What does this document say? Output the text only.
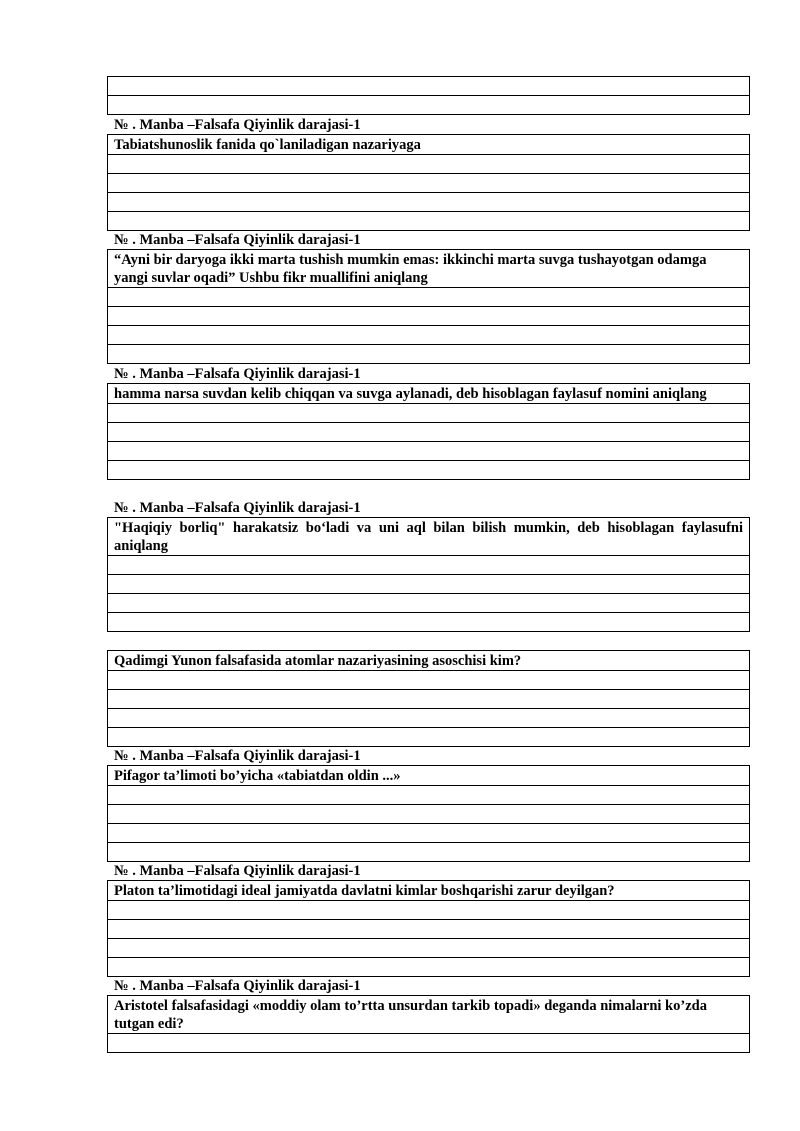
№ . Manba –Falsafa Qiyinlik darajasi-1
Tabiatshunoslik fanida qo`laniladigan nazariyaga

№ . Manba –Falsafa Qiyinlik darajasi-1
“Ayni bir daryoga ikki marta tushish mumkin emas: ikkinchi marta suvga tushayotgan odamga yangi suvlar oqadi” Ushbu fikr muallifini aniqlang

№ . Manba –Falsafa Qiyinlik darajasi-1
hamma narsa suvdan kelib chiqqan va suvga aylanadi, deb hisoblagan faylasuf nomini aniqlang

№ . Manba –Falsafa Qiyinlik darajasi-1
"Haqiqiy borliq" harakatsiz bo‘ladi va uni aql bilan bilish mumkin, deb hisoblagan faylasufni aniqlang

Qadimgi Yunon falsafasida atomlar nazariyasining asoschisi kim?

№ . Manba –Falsafa Qiyinlik darajasi-1
Pifagor ta’limoti bo’yicha «tabiatdan oldin ...»

№ . Manba –Falsafa Qiyinlik darajasi-1
Platon ta’limotidagi ideal jamiyatda davlatni kimlar boshqarishi zarur deyilgan?

№ . Manba –Falsafa Qiyinlik darajasi-1
Aristotel falsafasidagi «moddiy olam to’rtta unsurdan tarkib topadi» deganda nimalarni ko’zda tutgan edi?
